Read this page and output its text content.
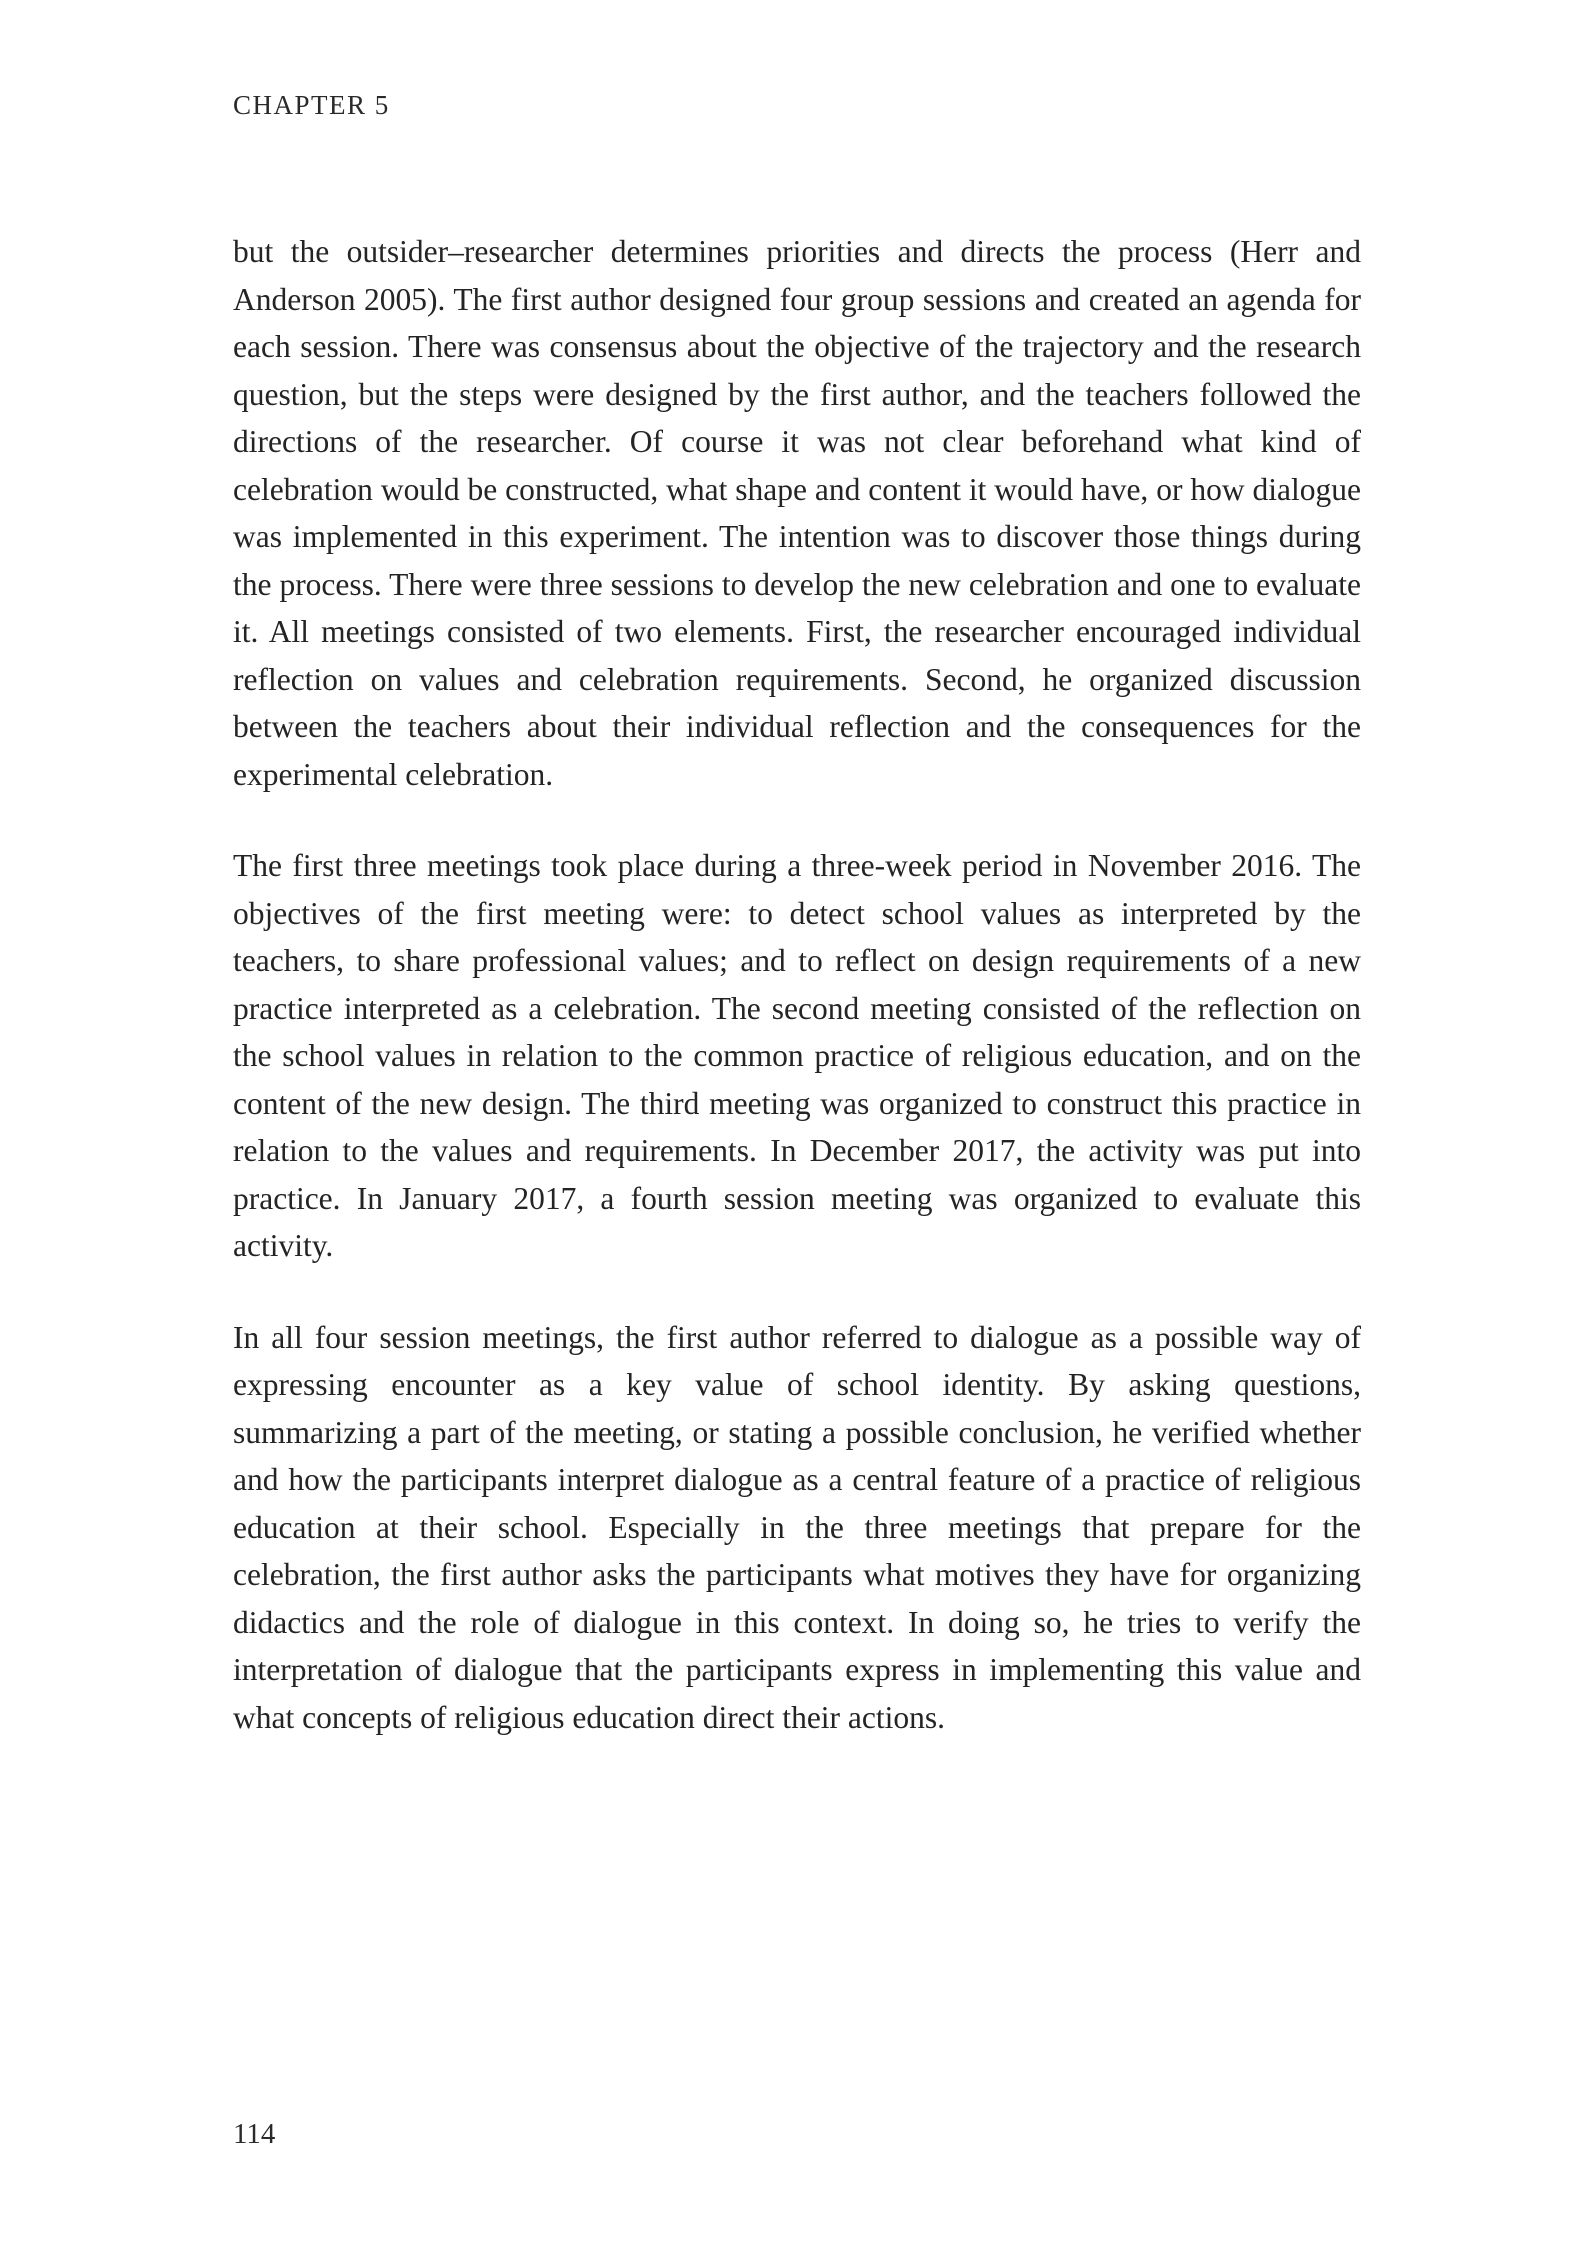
CHAPTER 5

but the outsider–researcher determines priorities and directs the process (Herr and Anderson 2005). The first author designed four group sessions and created an agenda for each session. There was consensus about the objective of the trajectory and the research question, but the steps were designed by the first author, and the teachers followed the directions of the researcher. Of course it was not clear beforehand what kind of celebration would be constructed, what shape and content it would have, or how dialogue was implemented in this experiment. The intention was to discover those things during the process. There were three sessions to develop the new celebration and one to evaluate it. All meetings consisted of two elements. First, the researcher encouraged individual reflection on values and celebration requirements. Second, he organized discussion between the teachers about their individual reflection and the consequences for the experimental celebration.

The first three meetings took place during a three-week period in November 2016. The objectives of the first meeting were: to detect school values as interpreted by the teachers, to share professional values; and to reflect on design requirements of a new practice interpreted as a celebration. The second meeting consisted of the reflection on the school values in relation to the common practice of religious education, and on the content of the new design. The third meeting was organized to construct this practice in relation to the values and requirements. In December 2017, the activity was put into practice. In January 2017, a fourth session meeting was organized to evaluate this activity.

In all four session meetings, the first author referred to dialogue as a possible way of expressing encounter as a key value of school identity. By asking questions, summarizing a part of the meeting, or stating a possible conclusion, he verified whether and how the participants interpret dialogue as a central feature of a practice of religious education at their school. Especially in the three meetings that prepare for the celebration, the first author asks the participants what motives they have for organizing didactics and the role of dialogue in this context. In doing so, he tries to verify the interpretation of dialogue that the participants express in implementing this value and what concepts of religious education direct their actions.

114
